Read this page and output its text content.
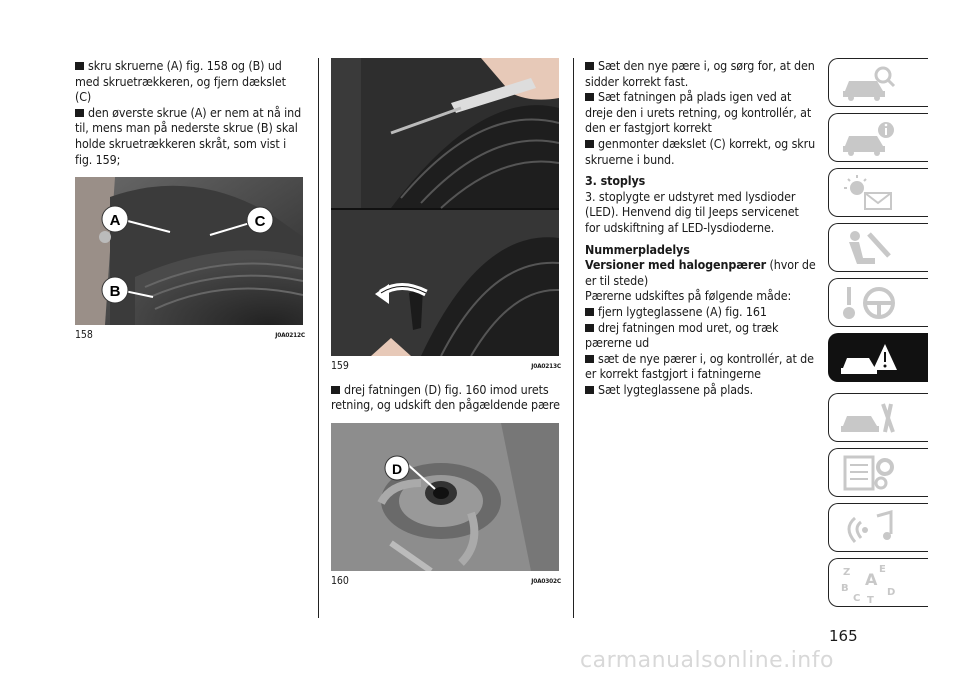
skru skruerne (A) fig. 158 og (B) ud med skruetrækkeren, og fjern dækslet (C)

den øverste skrue (A) er nem at nå ind til, mens man på nederste skrue (B) skal holde skruetrækkeren skråt, som vist i fig. 159;

A
B
C
158	J0A0212C
159	J0A0213C

drej fatningen (D) fig. 160 imod urets retning, og udskift den pågældende pære

D
160	J0A0302C

Sæt den nye pære i, og sørg for, at den sidder korrekt fast.

Sæt fatningen på plads igen ved at dreje den i urets retning, og kontrollér, at den er fastgjort korrekt

genmonter dækslet (C) korrekt, og skru skruerne i bund.

3. stoplys

3. stoplygte er udstyret med lysdioder (LED). Henvend dig til Jeeps servicenet for udskiftning af LED-lysdioderne.

Nummerpladelys

Versioner med halogenpærer (hvor de er til stede)

Pærerne udskiftes på følgende måde:

fjern lygteglassene (A) fig. 161

drej fatningen mod uret, og træk pærerne ud

sæt de nye pærer i, og kontrollér, at de er korrekt fastgjort i fatningerne

Sæt lygteglassene på plads.

Z	E
B A
C T
D
165
carmanualsonline.info
